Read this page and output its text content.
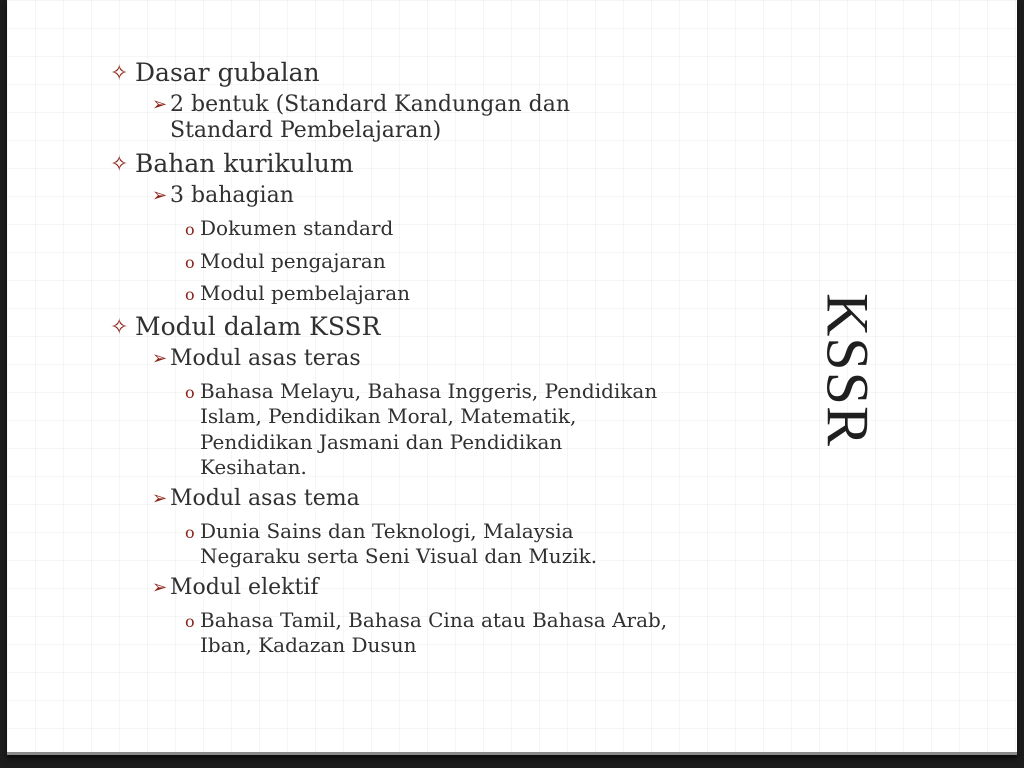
✧ Dasar gubalan
➢ 2 bentuk (Standard Kandungan dan Standard Pembelajaran)
✧ Bahan kurikulum
➢ 3 bahagian
o Dokumen standard
o Modul pengajaran
o Modul pembelajaran
✧ Modul dalam KSSR
➢ Modul asas teras
o Bahasa Melayu, Bahasa Inggeris, Pendidikan Islam, Pendidikan Moral, Matematik, Pendidikan Jasmani dan Pendidikan Kesihatan.
➢ Modul asas tema
o Dunia Sains dan Teknologi, Malaysia Negaraku serta Seni Visual dan Muzik.
➢ Modul elektif
o Bahasa Tamil, Bahasa Cina atau Bahasa Arab, Iban, Kadazan Dusun
KSSR
